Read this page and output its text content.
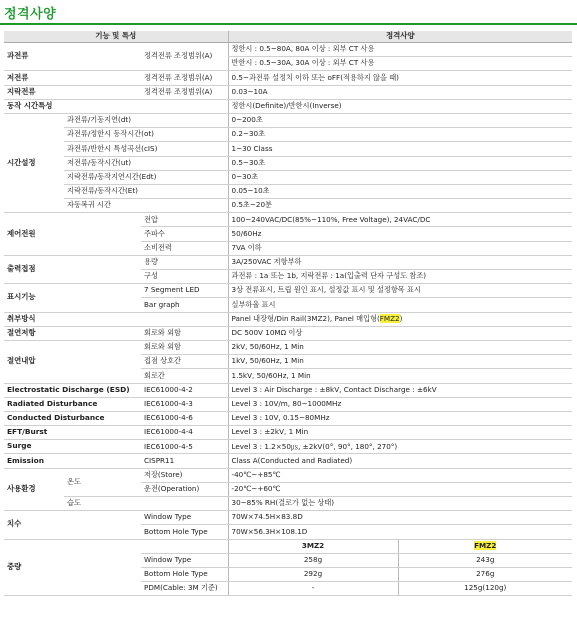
정격사양
기능 및 특성			정격사양	
과전류		정격전류 조정범위(A)	정한시 : 0.5~80A, 80A 이상 : 외부 CT 사용	
			반한시 : 0.5~30A, 30A 이상 : 외부 CT 사용	
저전류		정격전류 조정범위(A)	0.5~과전류 설정치 이하 또는 oFF(적용하지 않을 때)	
지락전류		정격전류 조정범위(A)	0.03~10A	
동작 시간특성			정한시(Definite)/반한시(Inverse)	
시간설정	과전류/기동지연(dt)		0~200초	
	과전류/정한시 동작시간(ot)		0.2~30초	
	과전류/반한시 특성곡선(cIS)		1~30 Class	
	저전류/동작시간(ut)		0.5~30초	
	지락전류/동작지연시간(Edt)		0~30초	
	지락전류/동작시간(Et)		0.05~10초	
	자동복귀 시간		0.5초~20분	
제어전원		전압	100~240VAC/DC(85%~110%, Free Voltage), 24VAC/DC	
		주파수	50/60Hz	
		소비전력	7VA 이하	
출력접점		용량	3A/250VAC 저항부하	
		구성	과전류 : 1a 또는 1b, 지락전류 : 1a(입출력 단자 구성도 참조)	
표시기능		7 Segment LED	3상 전류표시, 트립 원인 표시, 설정값 표시 및 설정항목 표시	
		Bar graph	실부하율 표시	
취부방식			Panel 내장형/Din Rail(3MZ2), Panel 매입형(FMZ2)	
절연저항		회로와 외함	DC 500V 10MΩ 이상	
절연내압		회로와 외함	2kV, 50/60Hz, 1 Min	
		접점 상호간	1kV, 50/60Hz, 1 Min	
		회로간	1.5kV, 50/60Hz, 1 Min	
Electrostatic Discharge (ESD)		IEC61000-4-2	Level 3 : Air Discharge : ±8kV, Contact Discharge : ±6kV	
Radiated Disturbance		IEC61000-4-3	Level 3 : 10V/m, 80~1000MHz	
Conducted Disturbance		IEC61000-4-6	Level 3 : 10V, 0.15~80MHz	
EFT/Burst		IEC61000-4-4	Level 3 : ±2kV, 1 Min	
Surge		IEC61000-4-5	Level 3 : 1.2×50㎲, ±2kV(0°, 90°, 180°, 270°)	
Emission		CISPR11	Class A(Conducted and Radiated)	
사용환경	온도	저장(Store)	-40℃~+85℃	
		운전(Operation)	-20℃~+60℃	
	습도		30~85% RH(결로가 없는 상태)	
치수		Window Type	70W×74.5H×83.8D	
		Bottom Hole Type	70W×56.3H×108.1D	
중량			3MZ2	FMZ2
		Window Type	258g	243g
		Bottom Hole Type	292g	276g
		PDM(Cable: 3M 기준)	-	125g(120g)
